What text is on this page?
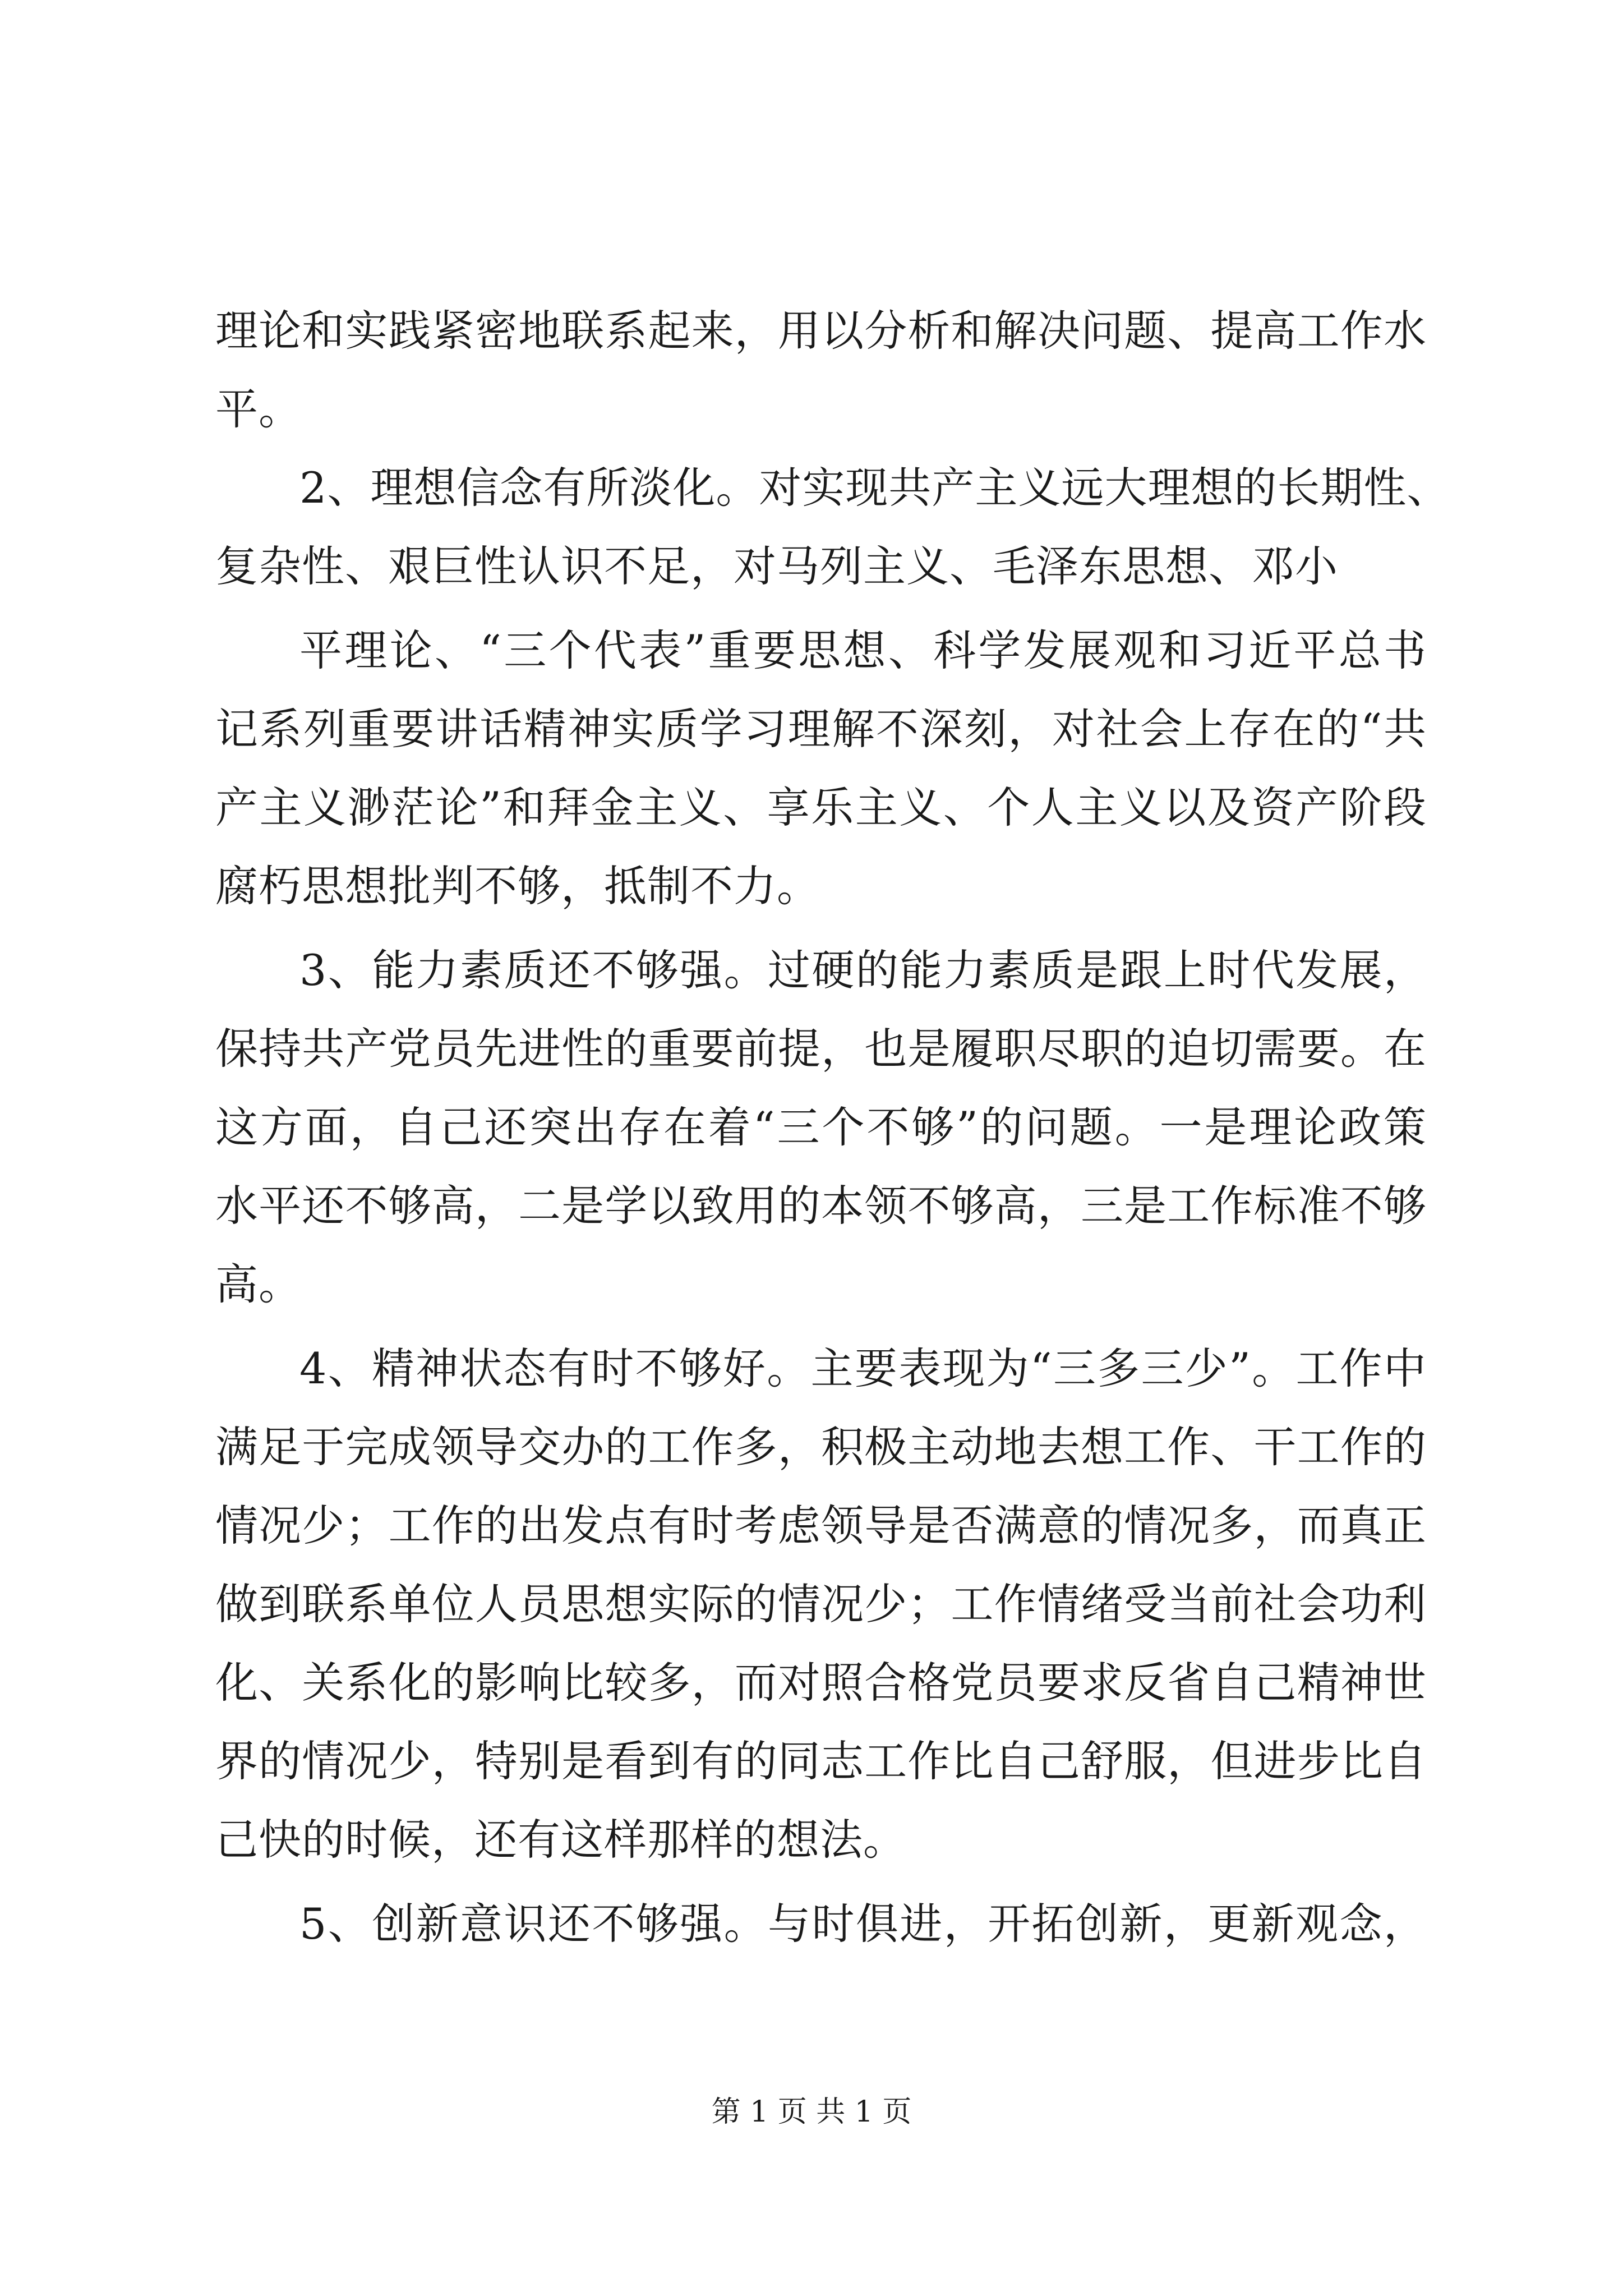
理论和实践紧密地联系起来，用以分析和解决问题、提高工作水
平。
2、理想信念有所淡化。对实现共产主义远大理想的长期性、
复杂性、艰巨性认识不足，对马列主义、毛泽东思想、邓小
平理论、“三个代表”重要思想、科学发展观和习近平总书
记系列重要讲话精神实质学习理解不深刻，对社会上存在的“共
产主义渺茫论”和拜金主义、享乐主义、个人主义以及资产阶段
腐朽思想批判不够，抵制不力。
3、能力素质还不够强。过硬的能力素质是跟上时代发展，
保持共产党员先进性的重要前提，也是履职尽职的迫切需要。在
这方面，自己还突出存在着“三个不够”的问题。一是理论政策
水平还不够高，二是学以致用的本领不够高，三是工作标准不够
高。
4、精神状态有时不够好。主要表现为“三多三少”。工作中
满足于完成领导交办的工作多，积极主动地去想工作、干工作的
情况少；工作的出发点有时考虑领导是否满意的情况多，而真正
做到联系单位人员思想实际的情况少；工作情绪受当前社会功利
化、关系化的影响比较多，而对照合格党员要求反省自己精神世
界的情况少，特别是看到有的同志工作比自己舒服，但进步比自
己快的时候，还有这样那样的想法。
5、创新意识还不够强。与时俱进，开拓创新，更新观念，
第 1 页 共 1 页
